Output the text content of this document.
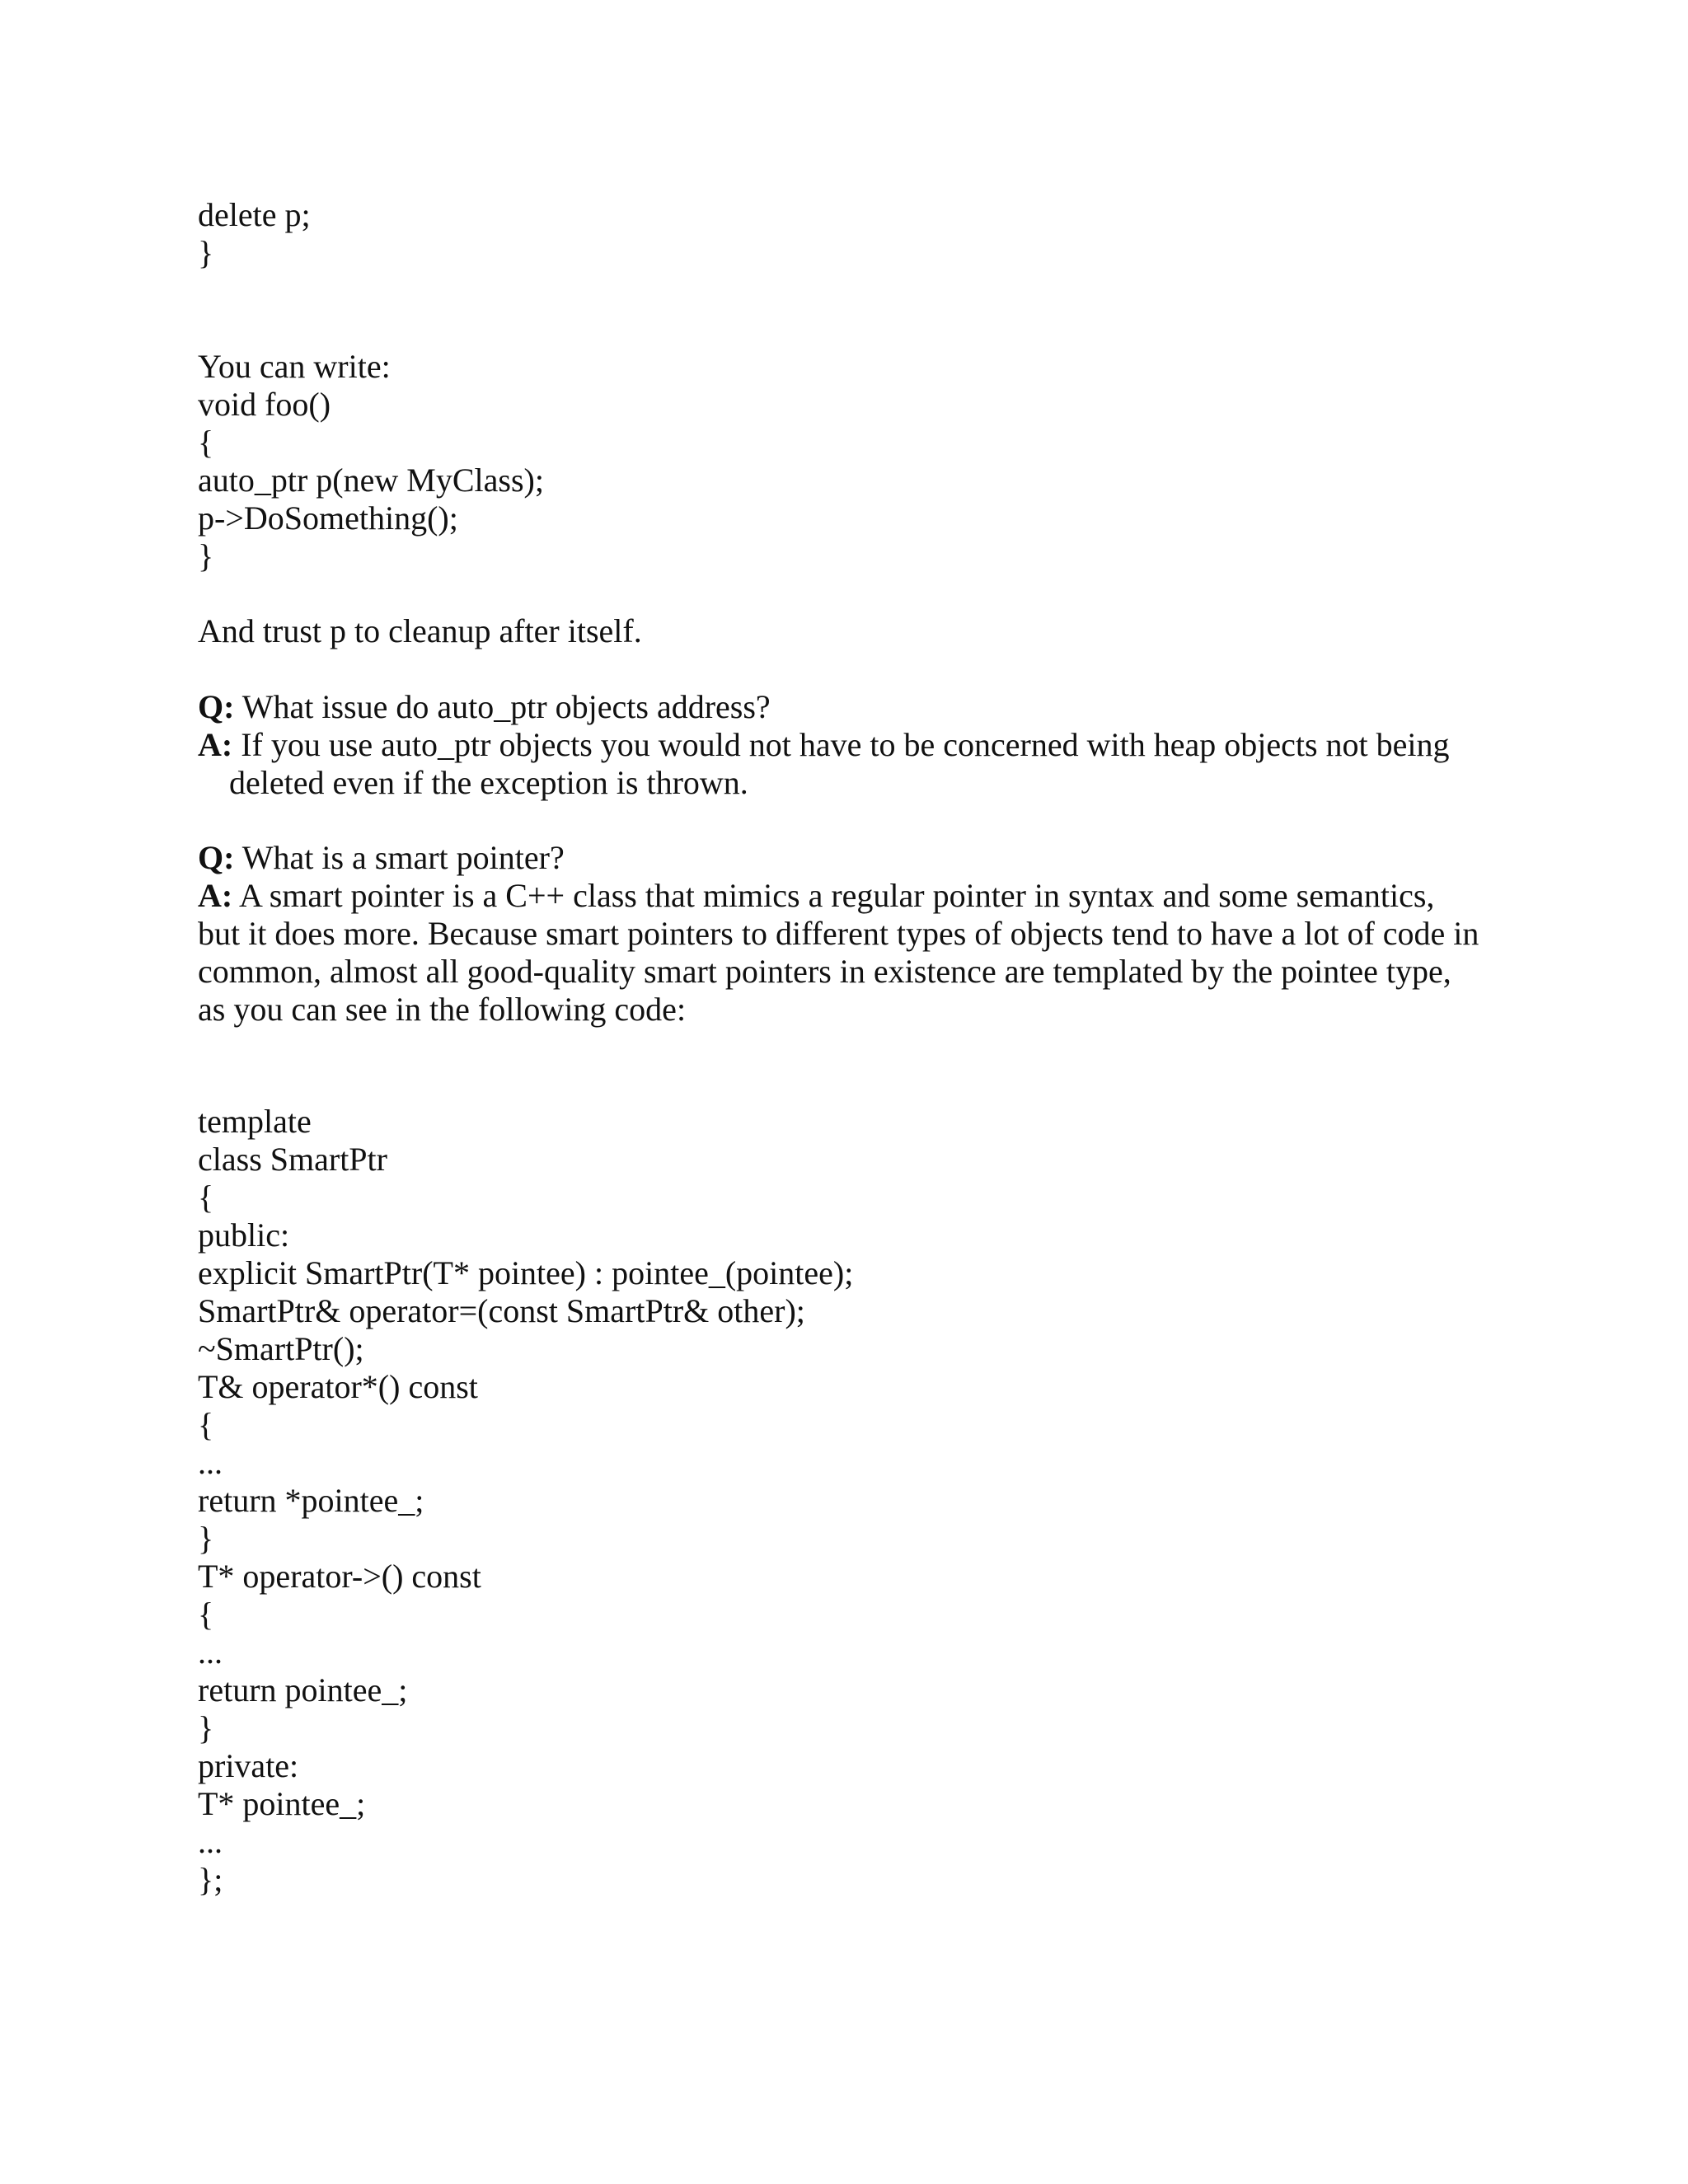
delete p;
}
You can write:
void foo()
{
auto_ptr p(new MyClass);
p->DoSomething();
}
And trust p to cleanup after itself.
Q: What issue do auto_ptr objects address?
A: If you use auto_ptr objects you would not have to be concerned with heap objects not being
deleted even if the exception is thrown.
Q: What is a smart pointer?
A: A smart pointer is a C++ class that mimics a regular pointer in syntax and some semantics,
but it does more. Because smart pointers to different types of objects tend to have a lot of code in
common, almost all good-quality smart pointers in existence are templated by the pointee type,
as you can see in the following code:
template
class SmartPtr
{
public:
explicit SmartPtr(T* pointee) : pointee_(pointee);
SmartPtr& operator=(const SmartPtr& other);
~SmartPtr();
T& operator*() const
{
...
return *pointee_;
}
T* operator->() const
{
...
return pointee_;
}
private:
T* pointee_;
...
};
